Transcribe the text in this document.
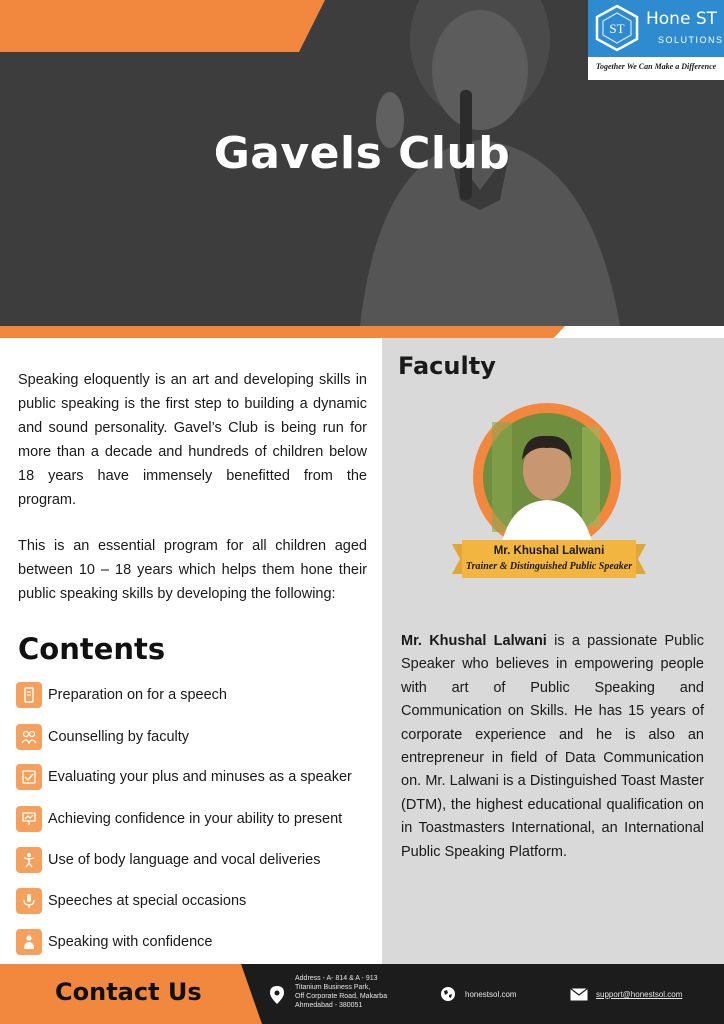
Gavels Club
ST Hone ST
SOLUTIONS
Together We Can Make a Difference

Speaking eloquently is an art and developing skills in public speaking is the first step to building a dynamic and sound personality. Gavel’s Club is being run for more than a decade and hundreds of children below 18 years have immensely benefitted from the program.

This is an essential program for all children aged between 10 – 18 years which helps them hone their public speaking skills by developing the following:

Contents
Preparation on for a speech
Counselling by faculty
Evaluating your plus and minuses as a speaker
Achieving confidence in your ability to present
Use of body language and vocal deliveries
Speeches at special occasions
Speaking with confidence
Faculty
Mr. Khushal Lalwani
Trainer & Distinguished Public Speaker

Mr. Khushal Lalwani is a passionate Public Speaker who believes in empowering people with art of Public Speaking and Communication on Skills. He has 15 years of corporate experience and he is also an entrepreneur in field of Data Communication on. Mr. Lalwani is a Distinguished Toast Master (DTM), the highest educational qualification on in Toastmasters International, an International Public Speaking Platform.

Contact Us	Address - A- 814 & A - 913
Titanium Business Park,
Off Corporate Road, Makarba
Ahmedabad - 380051
honestsol.com	support@honestsol.com
